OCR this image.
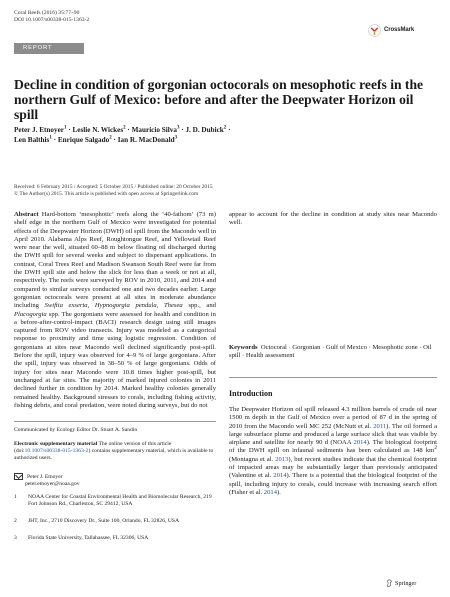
Coral Reefs (2016) 35:77–90
DOI 10.1007/s00338-015-1363-2
CrossMark
REPORT
Decline in condition of gorgonian octocorals on mesophotic reefs in the northern Gulf of Mexico: before and after the Deepwater Horizon oil spill
Peter J. Etnoyer$^1$ · Leslie N. Wickes$^2$ · Mauricio Silva$^3$ · J. D. Dubick$^2$ ·
Len Balthis$^1$ · Enrique Salgado$^2$ · Ian R. MacDonald$^3$
Received: 6 February 2015 / Accepted: 5 October 2015 / Published online: 20 October 2015
© The Author(s) 2015. This article is published with open access at Springerlink.com
Abstract Hard-bottom ‘mesophotic’ reefs along the ‘40-fathom’ (73 m) shelf edge in the northern Gulf of Mexico were investigated for potential effects of the Deepwater Horizon (DWH) oil spill from the Macondo well in April 2010. Alabama Alps Reef, Roughtongue Reef, and Yellowtail Reef were near the well, situated 60–88 m below floating oil discharged during the DWH spill for several weeks and subject to dispersant applications. In contrast, Coral Trees Reef and Madison Swanson South Reef were far from the DWH spill site and below the slick for less than a week or not at all, respectively. The reefs were surveyed by ROV in 2010, 2011, and 2014 and compared to similar surveys conducted one and two decades earlier. Large gorgonian octocorals were present at all sites in moderate abundance including Swiftia exserta, Hypnogorgia pendula, Thesea spp., and Placogorgia spp. The gorgonians were assessed for health and condition in a before-after-control-impact (BACI) research design using still images captured from ROV video transects. Injury was modeled as a categorical response to proximity and time using logistic regression. Condition of gorgonians at sites near Macondo well declined significantly post-spill. Before the spill, injury was observed for 4–9 % of large gorgonians. After the spill, injury was observed in 38–50 % of large gorgonians. Odds of injury for sites near Macondo were 10.8 times higher post-spill, but unchanged at far sites. The majority of marked injured colonies in 2011 declined further in condition by 2014. Marked healthy colonies generally remained healthy. Background stresses to corals, including fishing activity, fishing debris, and coral predation, were noted during surveys, but do not
appear to account for the decline in condition at study sites near Macondo well.
Keywords Octocoral · Gorgonian · Gulf of Mexico · Mesophotic zone · Oil spill · Health assessment
Introduction
The Deepwater Horizon oil spill released 4.3 million barrels of crude oil near 1500 m depth in the Gulf of Mexico over a period of 87 d in the spring of 2010 from the Macondo well MC 252 (McNutt et al. 2011). The oil formed a large subsurface plume and produced a large surface slick that was visible by airplane and satellite for nearly 90 d (NOAA 2014). The biological footprint of the DWH spill on infaunal sediments has been calculated as 148 $km^2$ (Montagna et al. 2013), but recent studies indicate that the chemical footprint of impacted areas may be substantially larger than previously anticipated (Valentine et al. 2014). There is a potential that the biological footprint of the spill, including injury to corals, could increase with increasing search effort (Fisher et al. 2014).
Communicated by Ecology Editor Dr. Stuart A. Sandin
Electronic supplementary material The online version of this article (doi:10.1007/s00338-015-1363-2) contains supplementary material, which is available to authorized users.
Peter J. Etnoyer
peter.etnoyer@noaa.gov
1	NOAA Center for Coastal Environmental Health and Biomolecular Research, 219 Fort Johnson Rd., Charleston, SC 29412, USA
2	JHT, Inc., 2710 Discovery Dr., Suite 100, Orlando, FL 32826, USA
3	Florida State University, Tallahassee, FL 32306, USA
Springer
